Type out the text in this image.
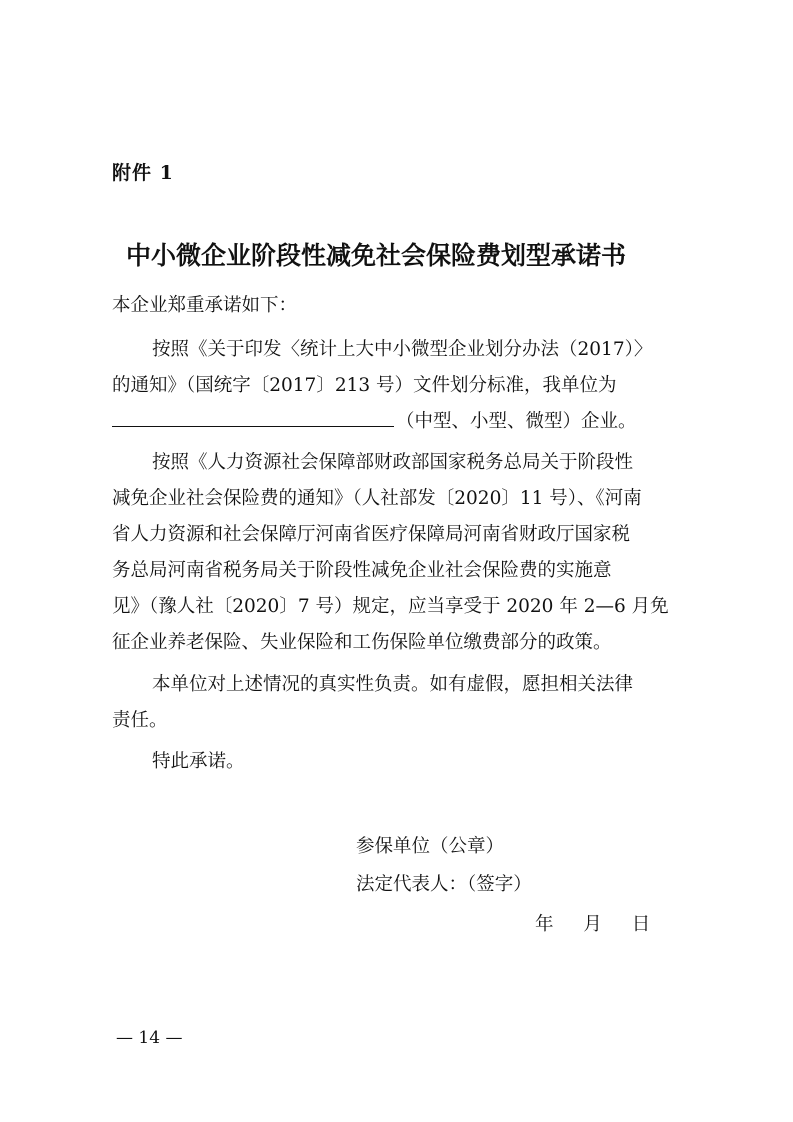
附件 1
中小微企业阶段性减免社会保险费划型承诺书
本企业郑重承诺如下：
按照《关于印发〈统计上大中小微型企业划分办法（2017）〉
的通知》（国统字〔2017〕213 号）文件划分标准，我单位为
（中型、小型、微型）企业。
按照《人力资源社会保障部财政部国家税务总局关于阶段性
减免企业社会保险费的通知》（人社部发〔2020〕11 号）、《河南
省人力资源和社会保障厅河南省医疗保障局河南省财政厅国家税
务总局河南省税务局关于阶段性减免企业社会保险费的实施意
见》（豫人社〔2020〕7 号）规定，应当享受于 2020 年 2—6 月免
征企业养老保险、失业保险和工伤保险单位缴费部分的政策。
本单位对上述情况的真实性负责。如有虚假，愿担相关法律
责任。
特此承诺。
参保单位（公章）
法定代表人：（签字）
年 月 日
— 14 —
